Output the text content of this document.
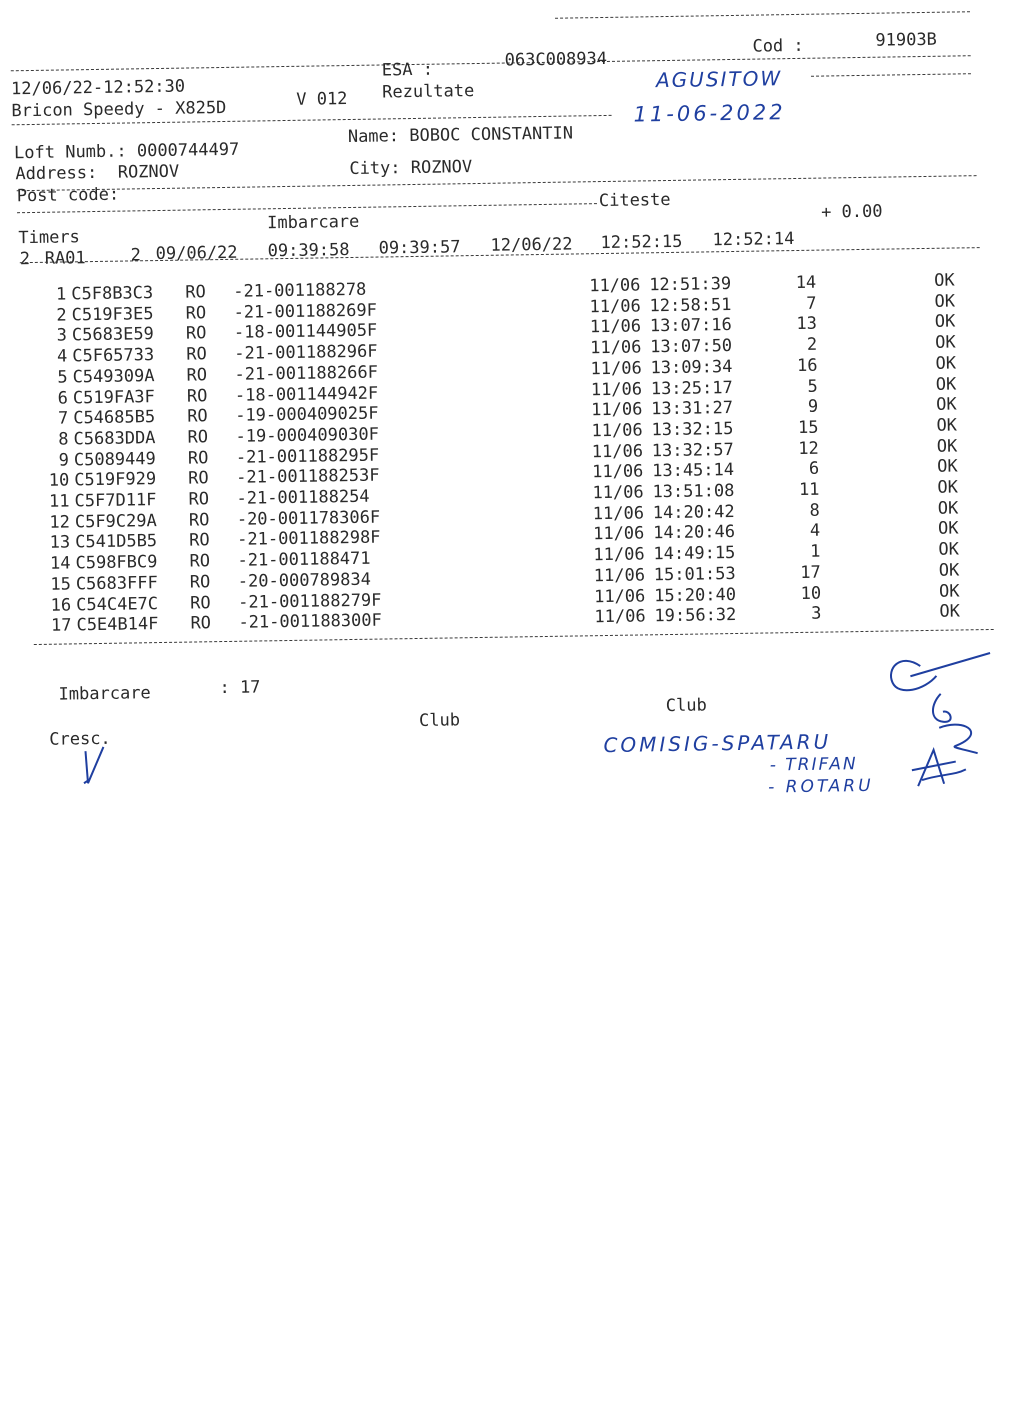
Cod :	91903B
ESA :	063C008934
12/06/22-12:52:30
Bricon Speedy - X825D	V 012 Rezultate	AGUSITOW
11-06-2022
Loft Numb.: 0000744497
Name: BOBOC CONSTANTIN
Address:  ROZNOV	City: ROZNOV
Post code:	Citeste
Imbarcare
Timers
+ 0.00
2 RA01	2 09/06/22 09:39:58 09:39:57 12/06/22 12:52:15 12:52:14
1 C5F8B3C3 RO -21-001188278	11/06 12:51:39	14	OK
2 C519F3E5 RO -21-001188269F	11/06 12:58:51	7	OK
3 C5683E59 RO -18-001144905F	11/06 13:07:16	13	OK
4 C5F65733 RO -21-001188296F	11/06 13:07:50	2	OK
5 C549309A RO -21-001188266F	11/06 13:09:34	16	OK
6 C519FA3F RO -18-001144942F	11/06 13:25:17	5	OK
7 C54685B5 RO -19-000409025F	11/06 13:31:27	9	OK
8 C5683DDA RO -19-000409030F	11/06 13:32:15	15	OK
9 C5089449 RO -21-001188295F	11/06 13:32:57	12	OK
10 C519F929 RO -21-001188253F	11/06 13:45:14	6	OK
11 C5F7D11F RO -21-001188254	11/06 13:51:08	11	OK
12 C5F9C29A RO -20-001178306F	11/06 14:20:42	8	OK
13 C541D5B5 RO -21-001188298F	11/06 14:20:46	4	OK
14 C598FBC9 RO -21-001188471	11/06 14:49:15	1	OK
15 C5683FFF RO -20-000789834	11/06 15:01:53	17	OK
16 C54C4E7C RO -21-001188279F	11/06 15:20:40	10	OK
17 C5E4B14F RO -21-001188300F	11/06 19:56:32	3	OK
Imbarcare	: 17
Club
Club
Cresc.	COMISIG-SPATARU
- TRIFAN
- ROTARU
